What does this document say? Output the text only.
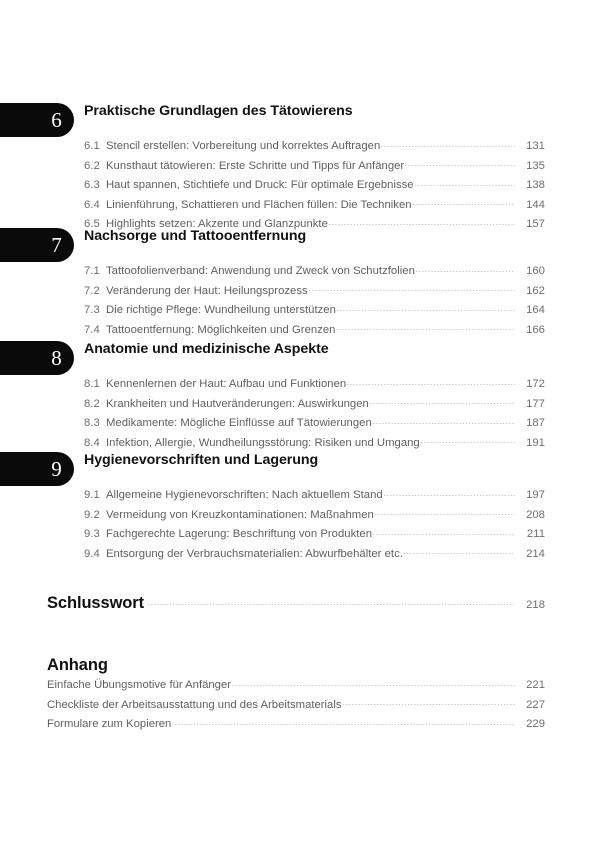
6	Praktische Grundlagen des Tätowierens
6.1 Stencil erstellen: Vorbereitung und korrektes Auftragen	131
6.2 Kunsthaut tätowieren: Erste Schritte und Tipps für Anfänger	135
6.3 Haut spannen, Stichtiefe und Druck: Für optimale Ergebnisse	138
6.4 Linienführung, Schattieren und Flächen füllen: Die Techniken	144
6.5 Highlights setzen: Akzente und Glanzpunkte	157
7	Nachsorge und Tattooentfernung
7.1 Tattoofolienverband: Anwendung und Zweck von Schutzfolien	160
7.2 Veränderung der Haut: Heilungsprozess	162
7.3 Die richtige Pflege: Wundheilung unterstützen	164
7.4 Tattooentfernung: Möglichkeiten und Grenzen	166
8	Anatomie und medizinische Aspekte
8.1 Kennenlernen der Haut: Aufbau und Funktionen	172
8.2 Krankheiten und Hautveränderungen: Auswirkungen	177
8.3 Medikamente: Mögliche Einflüsse auf Tätowierungen	187
8.4 Infektion, Allergie, Wundheilungsstörung: Risiken und Umgang	191
9	Hygienevorschriften und Lagerung
9.1 Allgemeine Hygienevorschriften: Nach aktuellem Stand	197
9.2 Vermeidung von Kreuzkontaminationen: Maßnahmen	208
9.3 Fachgerechte Lagerung: Beschriftung von Produkten	211
9.4 Entsorgung der Verbrauchsmaterialien: Abwurfbehälter etc.	214
Schlusswort	218
Anhang
Einfache Übungsmotive für Anfänger	221
Checkliste der Arbeitsausstattung und des Arbeitsmaterials	227
Formulare zum Kopieren	229
